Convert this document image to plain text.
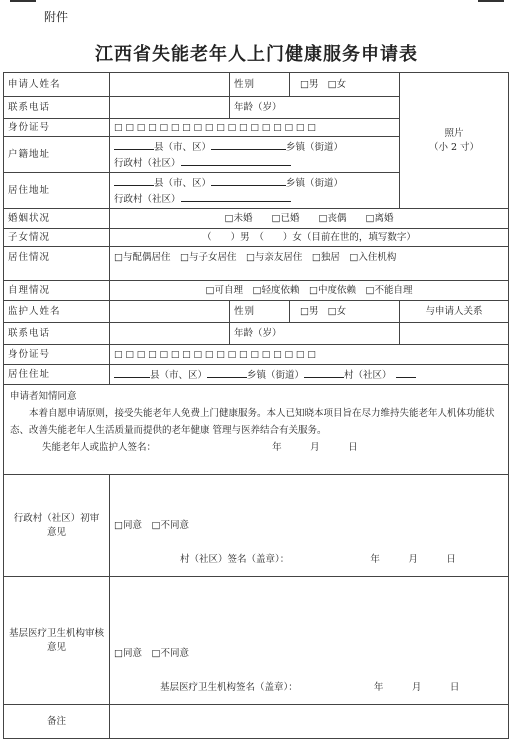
附件
江西省失能老年人上门健康服务申请表
申请人姓名		性别	□男 □女	照片
（小 2 寸）

联系电话		年龄（岁）		
身份证号	□ □ □ □ □ □ □ □ □ □ □ □ □ □ □ □ □ □			
户籍地址	县（市、区） 乡镇（街道）
行政村（社区）			

居住地址	县（市、区） 乡镇（街道）
行政村（社区）			

婚姻状况	□未婚　　□已婚　　□丧偶　　□离婚			
子女情况	（　　）男　（　　）女（目前在世的，填写数字）			
居住情况	□与配偶居住　□与子女居住　□与亲友居住　□独居　□入住机构			
自理情况	□可自理　□轻度依赖　□中度依赖　□不能自理			
监护人姓名		性别	□男 □女	与申请人关系
联系电话		年龄（岁）		
身份证号	□ □ □ □ □ □ □ □ □ □ □ □ □ □ □ □ □ □			
居住住址	县（市、区） 乡镇（街道） 村（社区）			

申请者知情同意
本着自愿申请原则，接受失能老年人免费上门健康服务。本人已知晓本项目旨在尽力维持失能老年人机体功能状态、改善失能老年人生活质量而提供的老年健康 管理与医养结合有关服务。
失能老年人或监护人签名： 年　　　月　　　日				

行政村（社区）初审意见	□同意　□不同意
村（社区）签名（盖章）： 年　　　月　　　日			

基层医疗卫生机构审核意见	□同意　□不同意
基层医疗卫生机构签名（盖章）： 年　　　月　　　日			

备注				
